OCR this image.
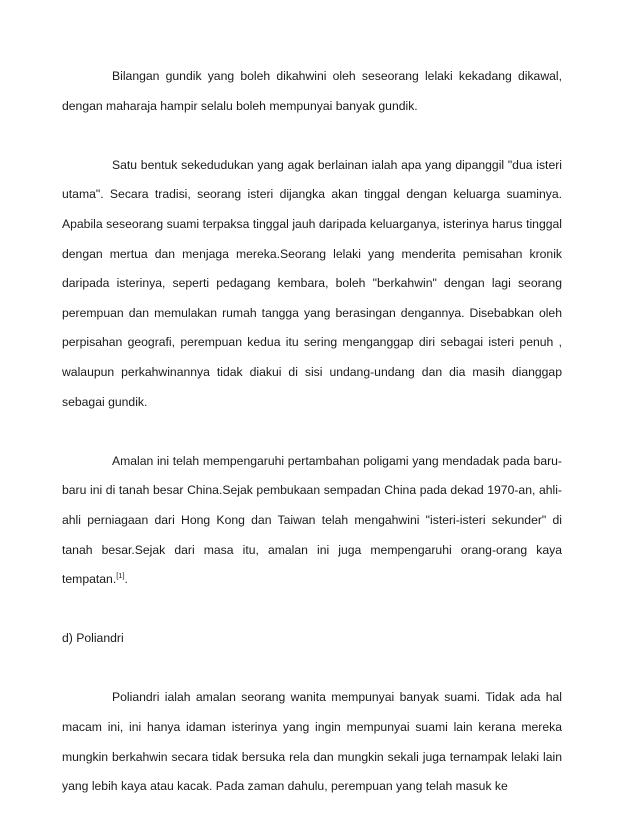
Bilangan gundik yang boleh dikahwini oleh seseorang lelaki kekadang dikawal, dengan maharaja hampir selalu boleh mempunyai banyak gundik.

Satu bentuk sekedudukan yang agak berlainan ialah apa yang dipanggil "dua isteri utama". Secara tradisi, seorang isteri dijangka akan tinggal dengan keluarga suaminya. Apabila seseorang suami terpaksa tinggal jauh daripada keluarganya, isterinya harus tinggal dengan mertua dan menjaga mereka.Seorang lelaki yang menderita pemisahan kronik daripada isterinya, seperti pedagang kembara, boleh "berkahwin" dengan lagi seorang perempuan dan memulakan rumah tangga yang berasingan dengannya. Disebabkan oleh perpisahan geografi, perempuan kedua itu sering menganggap diri sebagai isteri penuh , walaupun perkahwinannya tidak diakui di sisi undang-undang dan dia masih dianggap sebagai gundik.

Amalan ini telah mempengaruhi pertambahan poligami yang mendadak pada baru-baru ini di tanah besar China.Sejak pembukaan sempadan China pada dekad 1970-an, ahli-ahli perniagaan dari Hong Kong dan Taiwan telah mengahwini "isteri-isteri sekunder" di tanah besar.Sejak dari masa itu, amalan ini juga mempengaruhi orang-orang kaya tempatan.[1].

d) Poliandri

Poliandri ialah amalan seorang wanita mempunyai banyak suami. Tidak ada hal macam ini, ini hanya idaman isterinya yang ingin mempunyai suami lain kerana mereka mungkin berkahwin secara tidak bersuka rela dan mungkin sekali juga ternampak lelaki lain yang lebih kaya atau kacak. Pada zaman dahulu, perempuan yang telah masuk ke
